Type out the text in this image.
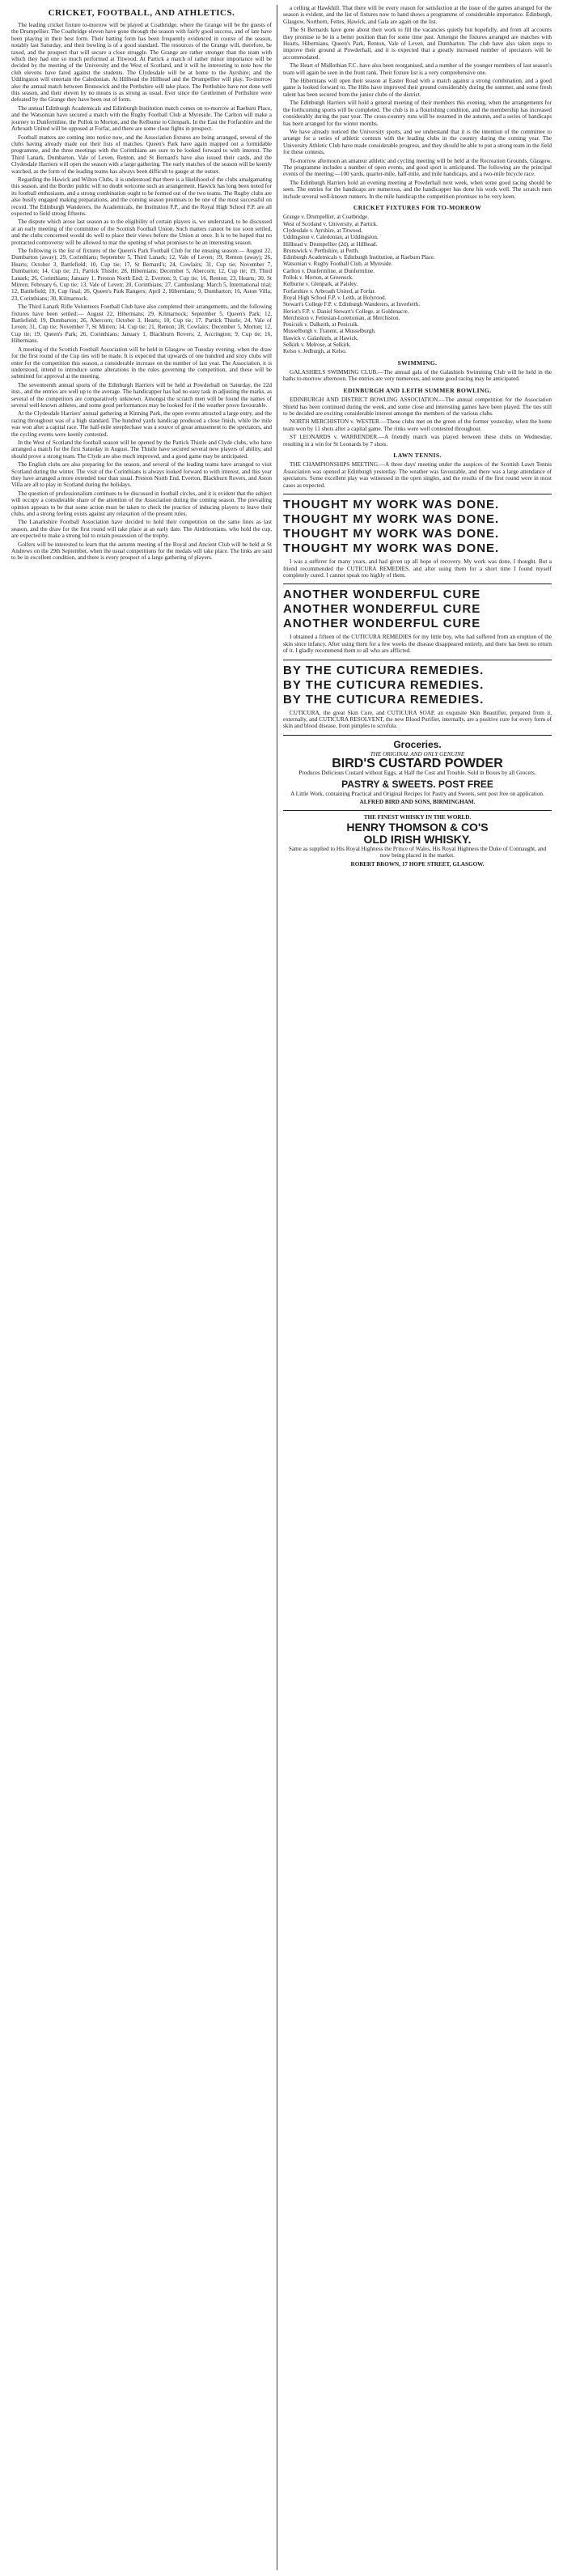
CRICKET, FOOTBALL, AND ATHLETICS.

The leading cricket fixture to-morrow will be played at Coatbridge, where the Grange will be the guests of the Drumpellier. The Coatbridge eleven have gone through the season with fairly good success, and of late have been playing in their best form. Their batting form has been frequently evidenced in course of the season, notably last Saturday, and their bowling is of a good standard. The resources of the Grange will, therefore, be taxed, and the prospect that will secure a close struggle. The Grange are rather stronger than the team with which they had one so much performed at Titwood. At Partick a match of rather minor importance will be decided by the meeting of the University and the West of Scotland, and it will be interesting to note how the club elevens have fared against the students. The Clydesdale will be at home to the Ayrshire; and the Uddingston will entertain the Caledonian. At Hillhead the Hillhead and the Drumpellier will play. To-morrow also the annual match between Brunswick and the Perthshire will take place. The Perthshire have not done well this season, and their eleven by no means is as strong as usual. Ever since the Gentlemen of Perthshire were defeated by the Grange they have been out of form.

The annual Edinburgh Academicals and Edinburgh Institution match comes on to-morrow at Raeburn Place, and the Watsonian have secured a match with the Rugby Football Club at Myreside. The Carlton will make a journey to Dunfermline, the Pollok to Morton, and the Kelburne to Glenpark. In the East the Forfarshire and the Arbroath United will be opposed at Forfar, and there are some close fights in prospect.

Football matters are coming into notice now, and the Association fixtures are being arranged, several of the clubs having already made out their lists of matches. Queen's Park have again mapped out a formidable programme, and the three meetings with the Corinthians are sure to be looked forward to with interest. The Third Lanark, Dumbarton, Vale of Leven, Renton, and St Bernard's have also issued their cards, and the Clydesdale Harriers will open the season with a large gathering. The early matches of the season will be keenly watched, as the form of the leading teams has always been difficult to gauge at the outset.

Regarding the Hawick and Wilton Clubs, it is understood that there is a likelihood of the clubs amalgamating this season, and the Border public will no doubt welcome such an arrangement. Hawick has long been noted for its football enthusiasm, and a strong combination ought to be formed out of the two teams. The Rugby clubs are also busily engaged making preparations, and the coming season promises to be one of the most successful on record. The Edinburgh Wanderers, the Academicals, the Institution F.P., and the Royal High School F.P. are all expected to field strong fifteens.

The dispute which arose last season as to the eligibility of certain players is, we understand, to be discussed at an early meeting of the committee of the Scottish Football Union. Such matters cannot be too soon settled, and the clubs concerned would do well to place their views before the Union at once. It is to be hoped that no protracted controversy will be allowed to mar the opening of what promises to be an interesting season.

The following is the list of fixtures of the Queen's Park Football Club for the ensuing season:— August 22, Dumbarton (away); 29, Corinthians; September 5, Third Lanark; 12, Vale of Leven; 19, Renton (away); 26, Hearts; October 3, Battlefield; 10, Cup tie; 17, St Bernard's; 24, Cowlairs; 31, Cup tie; November 7, Dumbarton; 14, Cup tie; 21, Partick Thistle; 28, Hibernians; December 5, Abercorn; 12, Cup tie; 19, Third Lanark; 26, Corinthians; January 1, Preston North End; 2, Everton; 9, Cup tie; 16, Renton; 23, Hearts; 30, St Mirren; February 6, Cup tie; 13, Vale of Leven; 20, Corinthians; 27, Cambuslang; March 5, International trial; 12, Battlefield; 19, Cup final; 26, Queen's Park Rangers; April 2, Hibernians; 9, Dumbarton; 16, Aston Villa; 23, Corinthians; 30, Kilmarnock.

The Third Lanark Rifle Volunteers Football Club have also completed their arrangements, and the following fixtures have been settled:— August 22, Hibernians; 29, Kilmarnock; September 5, Queen's Park; 12, Battlefield; 19, Dumbarton; 26, Abercorn; October 3, Hearts; 10, Cup tie; 17, Partick Thistle; 24, Vale of Leven; 31, Cup tie; November 7, St Mirren; 14, Cup tie; 21, Renton; 28, Cowlairs; December 5, Morton; 12, Cup tie; 19, Queen's Park; 26, Corinthians; January 1, Blackburn Rovers; 2, Accrington; 9, Cup tie; 16, Hibernians.

A meeting of the Scottish Football Association will be held in Glasgow on Tuesday evening, when the draw for the first round of the Cup ties will be made. It is expected that upwards of one hundred and sixty clubs will enter for the competition this season, a considerable increase on the number of last year. The Association, it is understood, intend to introduce some alterations in the rules governing the competition, and these will be submitted for approval at the meeting.

The seventeenth annual sports of the Edinburgh Harriers will be held at Powderhall on Saturday, the 22d inst., and the entries are well up to the average. The handicapper has had no easy task in adjusting the marks, as several of the competitors are comparatively unknown. Amongst the scratch men will be found the names of several well-known athletes, and some good performances may be looked for if the weather prove favourable.

At the Clydesdale Harriers' annual gathering at Kinning Park, the open events attracted a large entry, and the racing throughout was of a high standard. The hundred yards handicap produced a close finish, while the mile was won after a capital race. The half-mile steeplechase was a source of great amusement to the spectators, and the cycling events were keenly contested.

In the West of Scotland the football season will be opened by the Partick Thistle and Clyde clubs, who have arranged a match for the first Saturday in August. The Thistle have secured several new players of ability, and should prove a strong team. The Clyde are also much improved, and a good game may be anticipated.

The English clubs are also preparing for the season, and several of the leading teams have arranged to visit Scotland during the winter. The visit of the Corinthians is always looked forward to with interest, and this year they have arranged a more extended tour than usual. Preston North End, Everton, Blackburn Rovers, and Aston Villa are all to play in Scotland during the holidays.

The question of professionalism continues to be discussed in football circles, and it is evident that the subject will occupy a considerable share of the attention of the Association during the coming season. The prevailing opinion appears to be that some action must be taken to check the practice of inducing players to leave their clubs, and a strong feeling exists against any relaxation of the present rules.

The Lanarkshire Football Association have decided to hold their competition on the same lines as last season, and the draw for the first round will take place at an early date. The Airdrieonians, who hold the cup, are expected to make a strong bid to retain possession of the trophy.

Golfers will be interested to learn that the autumn meeting of the Royal and Ancient Club will be held at St Andrews on the 29th September, when the usual competitions for the medals will take place. The links are said to be in excellent condition, and there is every prospect of a large gathering of players.

a celling at Hawkhill. That there will be every reason for satisfaction at the issue of the games arranged for the season is evident, and the list of fixtures now to hand shows a programme of considerable importance. Edinburgh, Glasgow, Northern, Fettes, Hawick, and Gala are again on the list.

The St Bernards have gone about their work to fill the vacancies quietly but hopefully, and from all accounts they promise to be in a better position than for some time past. Amongst the fixtures arranged are matches with Hearts, Hibernians, Queen's Park, Renton, Vale of Leven, and Dumbarton. The club have also taken steps to improve their ground at Powderhall, and it is expected that a greatly increased number of spectators will be accommodated.

The Heart of Midlothian F.C. have also been reorganised, and a number of the younger members of last season's team will again be seen in the front rank. Their fixture list is a very comprehensive one.

The Hibernians will open their season at Easter Road with a match against a strong combination, and a good game is looked forward to. The Hibs have improved their ground considerably during the summer, and some fresh talent has been secured from the junior clubs of the district.

The Edinburgh Harriers will hold a general meeting of their members this evening, when the arrangements for the forthcoming sports will be completed. The club is in a flourishing condition, and the membership has increased considerably during the past year. The cross-country runs will be resumed in the autumn, and a series of handicaps has been arranged for the winter months.

We have already noticed the University sports, and we understand that it is the intention of the committee to arrange for a series of athletic contests with the leading clubs in the country during the coming year. The University Athletic Club have made considerable progress, and they should be able to put a strong team in the field for these contests.

To-morrow afternoon an amateur athletic and cycling meeting will be held at the Recreation Grounds, Glasgow. The programme includes a number of open events, and good sport is anticipated. The following are the principal events of the meeting:—100 yards, quarter-mile, half-mile, and mile handicaps, and a two-mile bicycle race.

The Edinburgh Harriers hold an evening meeting at Powderhall next week, when some good racing should be seen. The entries for the handicaps are numerous, and the handicapper has done his work well. The scratch men include several well-known runners. In the mile handicap the competition promises to be very keen.

CRICKET FIXTURES FOR TO-MORROW
Grange v. Drumpellier, at Coatbridge.
West of Scotland v. University, at Partick.
Clydesdale v. Ayrshire, at Titwood.
Uddingston v. Caledonian, at Uddingston.
Hillhead v. Drumpellier (2d), at Hillhead.
Brunswick v. Perthshire, at Perth.
Edinburgh Academicals v. Edinburgh Institution, at Raeburn Place.
Watsonian v. Rugby Football Club, at Myreside.
Carlton v. Dunfermline, at Dunfermline.
Pollok v. Morton, at Greenock.
Kelburne v. Glenpark, at Paisley.
Forfarshire v. Arbroath United, at Forfar.
Royal High School F.P. v. Leith, at Holyrood.
Stewart's College F.P. v. Edinburgh Wanderers, at Inverleith.
Heriot's F.P. v. Daniel Stewart's College, at Goldenacre.
Merchiston v. Fettesian-Lorettonian, at Merchiston.
Penicuik v. Dalkeith, at Penicuik.
Musselburgh v. Tranent, at Musselburgh.
Hawick v. Galashiels, at Hawick.
Selkirk v. Melrose, at Selkirk.
Kelso v. Jedburgh, at Kelso.
SWIMMING.

GALASHIELS SWIMMING CLUB.—The annual gala of the Galashiels Swimming Club will be held in the baths to-morrow afternoon. The entries are very numerous, and some good racing may be anticipated.

EDINBURGH AND LEITH SUMMER BOWLING.

EDINBURGH AND DISTRICT BOWLING ASSOCIATION.—The annual competition for the Association Shield has been continued during the week, and some close and interesting games have been played. The ties still to be decided are exciting considerable interest amongst the members of the various clubs.

NORTH MERCHISTON v. WESTER.—These clubs met on the green of the former yesterday, when the home team won by 11 shots after a capital game. The rinks were well contested throughout.

ST LEONARDS v. WARRENDER.—A friendly match was played between these clubs on Wednesday, resulting in a win for St Leonards by 7 shots.

LAWN TENNIS.

THE CHAMPIONSHIPS MEETING.—A three days' meeting under the auspices of the Scottish Lawn Tennis Association was opened at Edinburgh yesterday. The weather was favourable, and there was a large attendance of spectators. Some excellent play was witnessed in the open singles, and the results of the first round were in most cases as expected.

THOUGHT MY WORK WAS DONE.
THOUGHT MY WORK WAS DONE.
THOUGHT MY WORK WAS DONE.
THOUGHT MY WORK WAS DONE.

I was a sufferer for many years, and had given up all hope of recovery. My work was done, I thought. But a friend recommended the CUTICURA REMEDIES, and after using them for a short time I found myself completely cured. I cannot speak too highly of them.

ANOTHER WONDERFUL CURE
ANOTHER WONDERFUL CURE
ANOTHER WONDERFUL CURE

I obtained a fifteen of the CUTICURA REMEDIES for my little boy, who had suffered from an eruption of the skin since infancy. After using them for a few weeks the disease disappeared entirely, and there has been no return of it. I gladly recommend them to all who are afflicted.

BY THE CUTICURA REMEDIES.
BY THE CUTICURA REMEDIES.
BY THE CUTICURA REMEDIES.

CUTICURA, the great Skin Cure, and CUTICURA SOAP, an exquisite Skin Beautifier, prepared from it, externally, and CUTICURA RESOLVENT, the new Blood Purifier, internally, are a positive cure for every form of skin and blood disease, from pimples to scrofula.

Groceries.
THE ORIGINAL AND ONLY GENUINE
BIRD'S CUSTARD POWDER

Produces Delicious Custard without Eggs, at Half the Cost and Trouble. Sold in Boxes by all Grocers.

PASTRY & SWEETS. POST FREE

A Little Work, containing Practical and Original Recipes for Pastry and Sweets, sent post free on application.

ALFRED BIRD AND SONS, BIRMINGHAM.
THE FINEST WHISKY IN THE WORLD.
HENRY THOMSON & CO'S
OLD IRISH WHISKY.

Same as supplied to His Royal Highness the Prince of Wales, His Royal Highness the Duke of Connaught, and now being placed in the market.

ROBERT BROWN, 17 HOPE STREET, GLASGOW.
